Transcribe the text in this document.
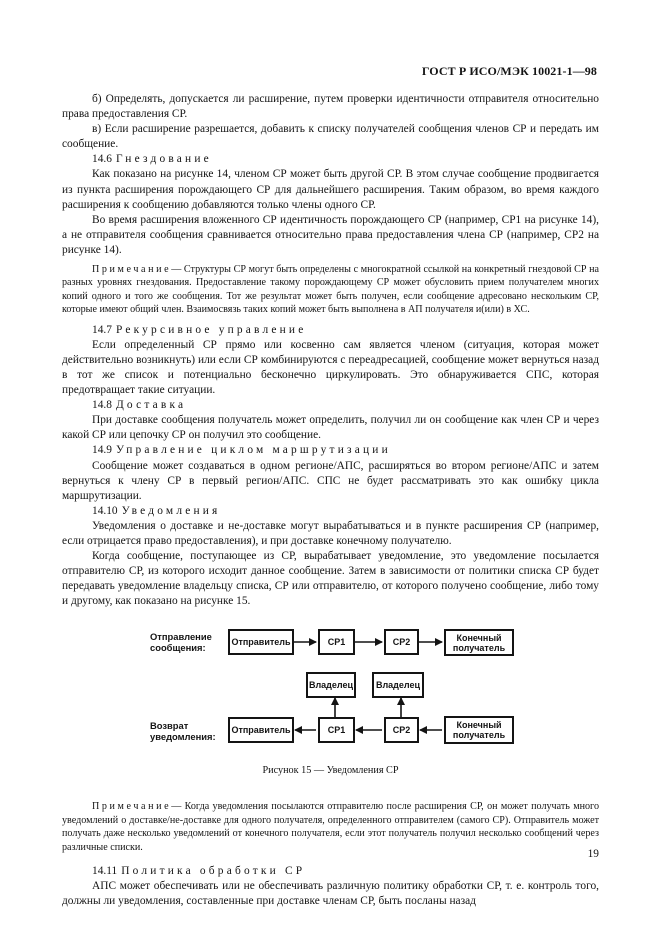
ГОСТ Р ИСО/МЭК 10021-1—98

б) Определять, допускается ли расширение, путем проверки идентичности отправителя относительно права предоставления СР.

в) Если расширение разрешается, добавить к списку получателей сообщения членов СР и передать им сообщение.

14.6 Гнездование

Как показано на рисунке 14, членом СР может быть другой СР. В этом случае сообщение продвигается из пункта расширения порождающего СР для дальнейшего расширения. Таким образом, во время каждого расширения к сообщению добавляются только члены одного СР.

Во время расширения вложенного СР идентичность порождающего СР (например, СР1 на рисунке 14), а не отправителя сообщения сравнивается относительно права предоставления члена СР (например, СР2 на рисунке 14).

Примечание— Структуры СР могут быть определены с многократной ссылкой на конкретный гнездовой СР на разных уровнях гнездования. Предоставление такому порождающему СР может обусловить прием получателем многих копий одного и того же сообщения. Тот же результат может быть получен, если сообщение адресовано нескольким СР, которые имеют общий член. Взаимосвязь таких копий может быть выполнена в АП получателя и(или) в ХС.

14.7 Рекурсивное управление

Если определенный СР прямо или косвенно сам является членом (ситуация, которая может действительно возникнуть) или если СР комбинируются с переадресацией, сообщение может вернуться назад в тот же список и потенциально бесконечно циркулировать. Это обнаруживается СПС, которая предотвращает такие ситуации.

14.8 Доставка

При доставке сообщения получатель может определить, получил ли он сообщение как член СР и через какой СР или цепочку СР он получил это сообщение.

14.9 Управление циклом маршрутизации

Сообщение может создаваться в одном регионе/АПС, расширяться во втором регионе/АПС и затем вернуться к члену СР в первый регион/АПС. СПС не будет рассматривать это как ошибку цикла маршрутизации.

14.10 Уведомления

Уведомления о доставке и не-доставке могут вырабатываться и в пункте расширения СР (например, если отрицается право предоставления), и при доставке конечному получателю.

Когда сообщение, поступающее из СР, вырабатывает уведомление, это уведомление посылается отправителю СР, из которого исходит данное сообщение. Затем в зависимости от политики списка СР будет передавать уведомление владельцу списка, СР или отправителю, от которого получено сообщение, либо тому и другому, как показано на рисунке 15.

Отправление
сообщения:
Возврат
уведомления:
Отправитель	СР1	СР2	Конечный
получатель
Владелец	Владелец
Отправитель	СР1	СР2	Конечный
получатель
Рисунок 15 — Уведомления СР

Примечание— Когда уведомления посылаются отправителю после расширения СР, он может получать много уведомлений о доставке/не-доставке для одного получателя, определенного отправителем (самого СР). Отправитель может получать даже несколько уведомлений от конечного получателя, если этот получатель получил несколько сообщений через различные списки.

14.11 Политика обработки СР

АПС может обеспечивать или не обеспечивать различную политику обработки СР, т. е. контроль того, должны ли уведомления, составленные при доставке членам СР, быть посланы назад

19
